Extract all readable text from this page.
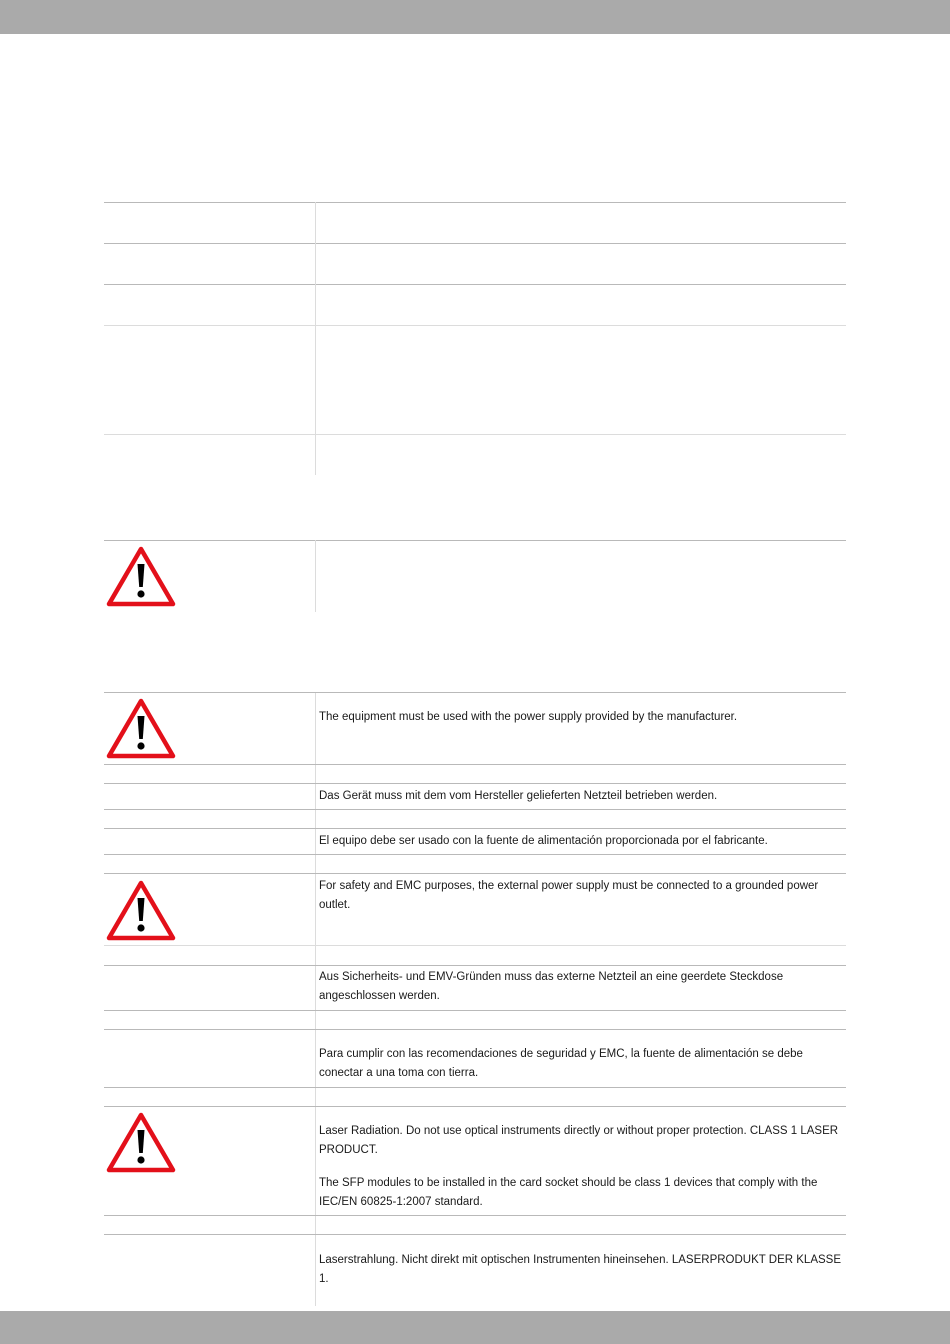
The equipment must be used with the power supply provided by the manufacturer.

Das Gerät muss mit dem vom Hersteller gelieferten Netzteil betrieben werden.

El equipo debe ser usado con la fuente de alimentación proporcionada por el fabricante.

For safety and EMC purposes, the external power supply must be connected to a grounded power outlet.

Aus Sicherheits- und EMV-Gründen muss das externe Netzteil an eine geerdete Steckdose angeschlossen werden.

Para cumplir con las recomendaciones de seguridad y EMC, la fuente de alimentación se debe conectar a una toma con tierra.

Laser Radiation. Do not use optical instruments directly or without proper protection. CLASS 1 LASER PRODUCT.

The SFP modules to be installed in the card socket should be class 1 devices that comply with the IEC/EN 60825-1:2007 standard.

Laserstrahlung. Nicht direkt mit optischen Instrumenten hineinsehen. LASERPRODUKT DER KLASSE 1.
